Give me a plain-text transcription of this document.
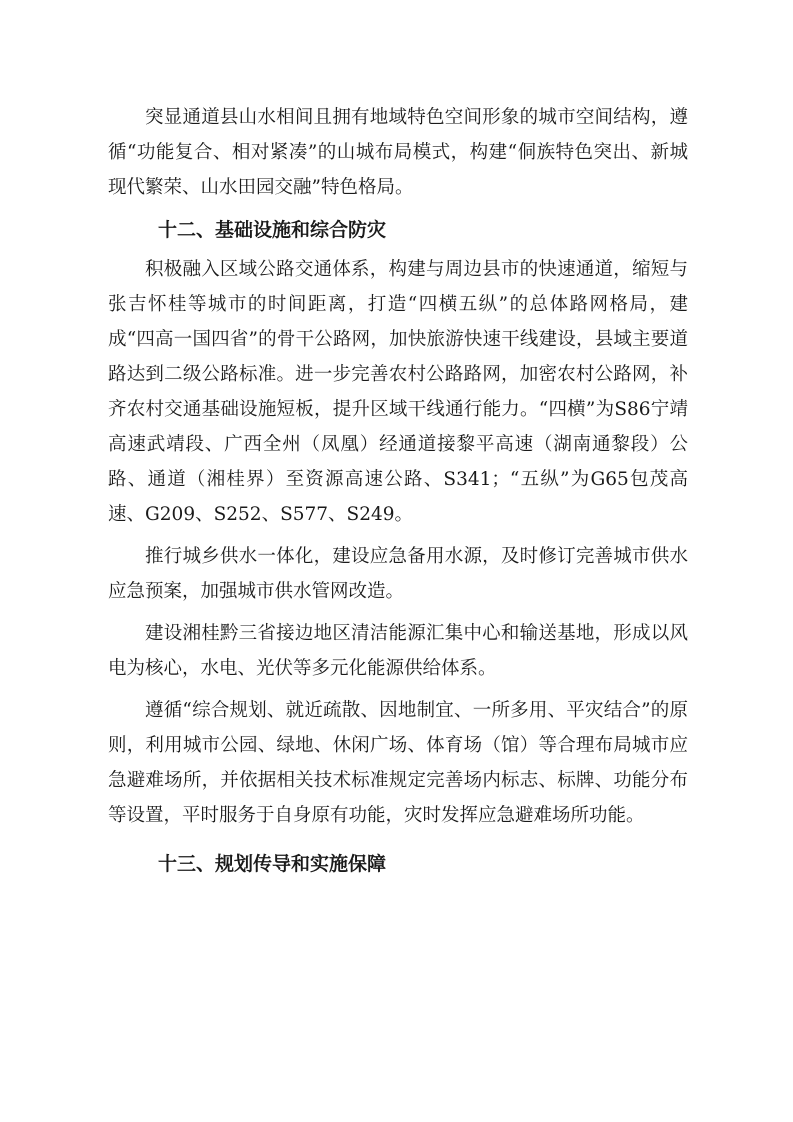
突显通道县山水相间且拥有地域特色空间形象的城市空间结构，遵循“功能复合、相对紧凑”的山城布局模式，构建“侗族特色突出、新城现代繁荣、山水田园交融”特色格局。

十二、基础设施和综合防灾

积极融入区域公路交通体系，构建与周边县市的快速通道，缩短与张吉怀桂等城市的时间距离，打造“四横五纵”的总体路网格局，建成“四高一国四省”的骨干公路网，加快旅游快速干线建设，县域主要道路达到二级公路标准。进一步完善农村公路路网，加密农村公路网，补齐农村交通基础设施短板，提升区域干线通行能力。“四横”为S86宁靖高速武靖段、广西全州（凤凰）经通道接黎平高速（湖南通黎段）公路、通道（湘桂界）至资源高速公路、S341；“五纵”为G65包茂高速、G209、S252、S577、S249。

推行城乡供水一体化，建设应急备用水源，及时修订完善城市供水应急预案，加强城市供水管网改造。

建设湘桂黔三省接边地区清洁能源汇集中心和输送基地，形成以风电为核心，水电、光伏等多元化能源供给体系。

遵循“综合规划、就近疏散、因地制宜、一所多用、平灾结合”的原则，利用城市公园、绿地、休闲广场、体育场（馆）等合理布局城市应急避难场所，并依据相关技术标准规定完善场内标志、标牌、功能分布等设置，平时服务于自身原有功能，灾时发挥应急避难场所功能。

十三、规划传导和实施保障
